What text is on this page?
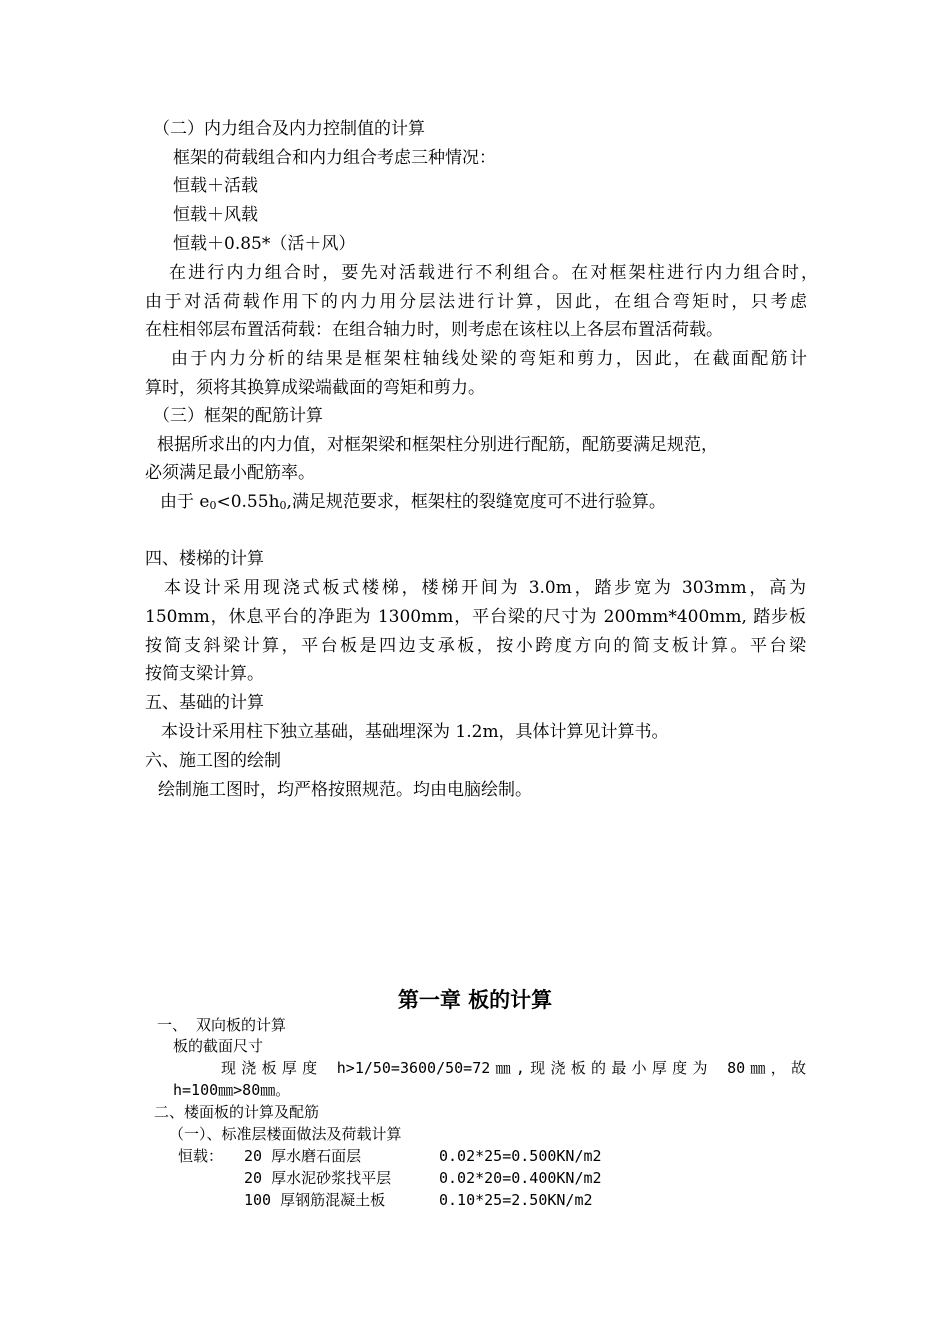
（二）内力组合及内力控制值的计算
框架的荷载组合和内力组合考虑三种情况：
恒载＋活载
恒载＋风载
恒载＋0.85*（活＋风）
在进行内力组合时，要先对活载进行不利组合。在对框架柱进行内力组合时，
由于对活荷载作用下的内力用分层法进行计算，因此，在组合弯矩时，只考虑
在柱相邻层布置活荷载：在组合轴力时，则考虑在该柱以上各层布置活荷载。
由于内力分析的结果是框架柱轴线处梁的弯矩和剪力，因此，在截面配筋计
算时，须将其换算成梁端截面的弯矩和剪力。
（三）框架的配筋计算
根据所求出的内力值，对框架梁和框架柱分别进行配筋，配筋要满足规范，
必须满足最小配筋率。
由于 $e_0<0.55h_0$,满足规范要求，框架柱的裂缝宽度可不进行验算。
四、楼梯的计算
本设计采用现浇式板式楼梯，楼梯开间为 3.0m，踏步宽为 303mm，高为
150mm，休息平台的净距为 1300mm，平台梁的尺寸为 200mm*400mm, 踏步板
按简支斜梁计算，平台板是四边支承板，按小跨度方向的简支板计算。平台梁
按简支梁计算。
五、基础的计算
本设计采用柱下独立基础，基础埋深为 1.2m，具体计算见计算书。
六、施工图的绘制
绘制施工图时，均严格按照规范。均由电脑绘制。
第一章 板的计算
一、 双向板的计算
板的截面尺寸
现浇板厚度 h>1/50=3600/50=72㎜,现浇板的最小厚度为 80㎜，故
h=100㎜>80㎜。
二、楼面板的计算及配筋
（一）、标准层楼面做法及荷载计算
恒载： 20 厚水磨石面层	0.02*25=0.500KN/m2
20 厚水泥砂浆找平层	0.02*20=0.400KN/m2
100 厚钢筋混凝土板	0.10*25=2.50KN/m2
